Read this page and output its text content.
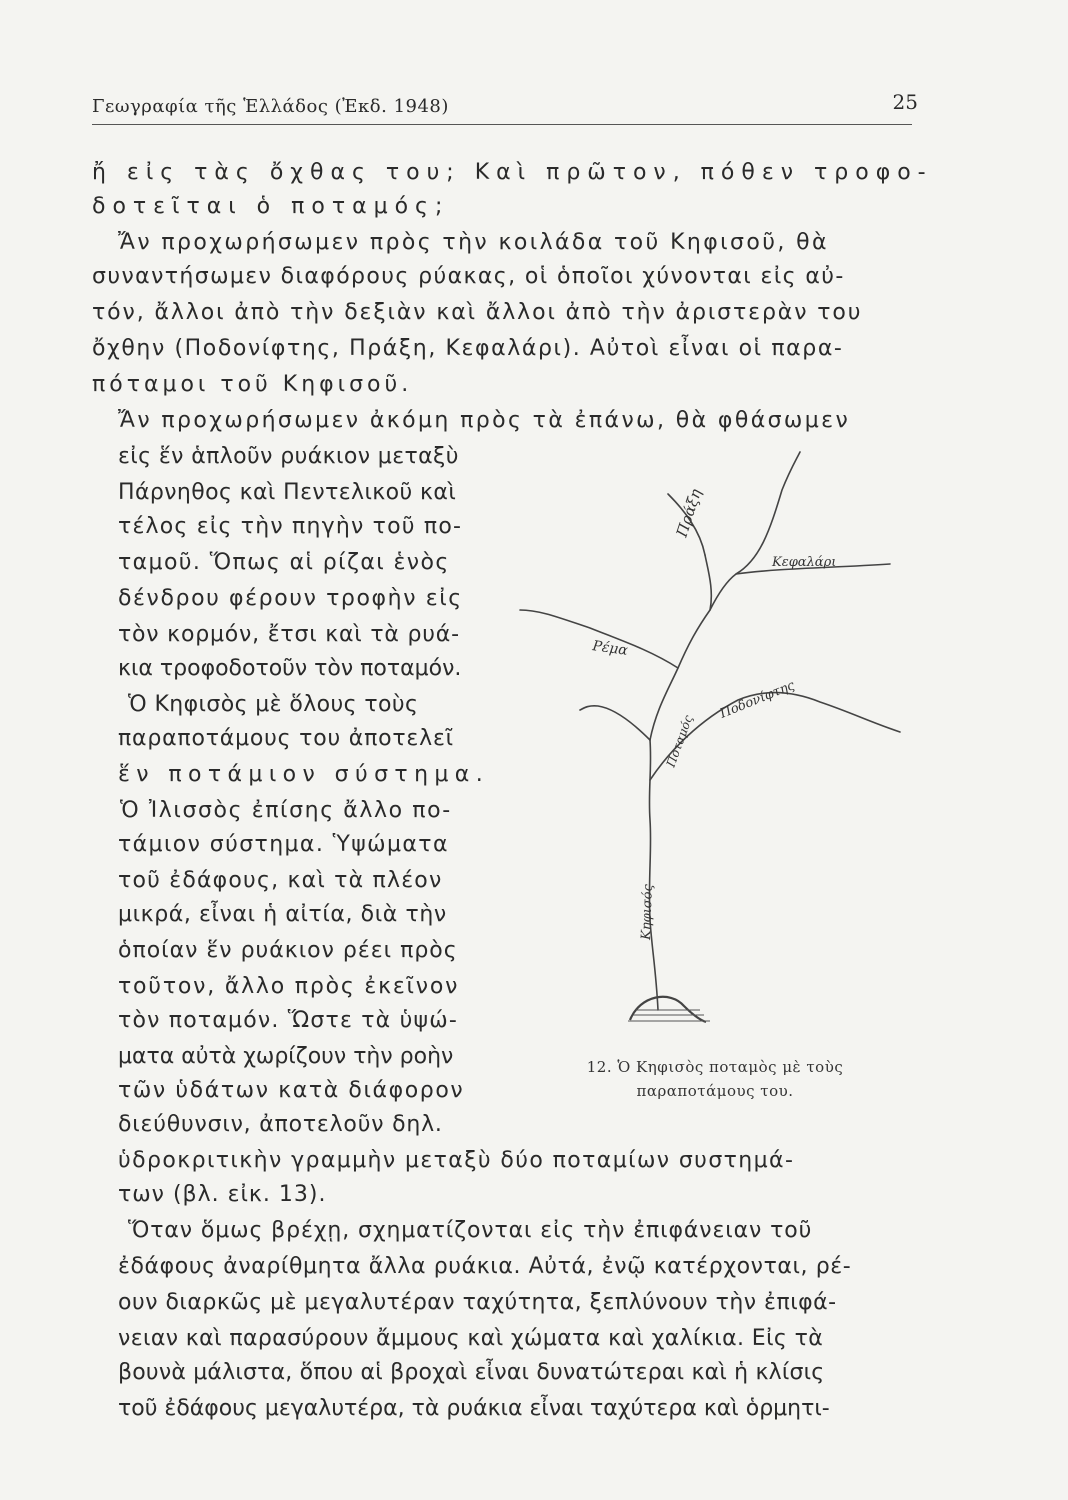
Γεωγραφία τῆς Ἑλλάδος (Ἐκδ. 1948)	25
ἤ εἰς τὰς ὄχθας του; Καὶ πρῶτον, πόθεν τροφο-
δοτεῖται ὁ ποταμός;
Ἄν προχωρήσωμεν πρὸς τὴν κοιλάδα τοῦ Κηφισοῦ, θὰ
συναντήσωμεν διαφόρους ρύακας, οἱ ὁποῖοι χύνονται εἰς αὐ-
τόν, ἄλλοι ἀπὸ τὴν δεξιὰν καὶ ἄλλοι ἀπὸ τὴν ἀριστερὰν του
ὄχθην (Ποδονίφτης, Πράξη, Κεφαλάρι). Αὐτοὶ εἶναι οἱ παρα-
πόταμοι τοῦ Κηφισοῦ.
Ἄν προχωρήσωμεν ἀκόμη πρὸς τὰ ἐπάνω, θὰ φθάσωμεν
εἰς ἕν ἁπλοῦν ρυάκιον μεταξὺ
Πάρνηθος καὶ Πεντελικοῦ καὶ
τέλος εἰς τὴν πηγὴν τοῦ πο-
ταμοῦ. Ὅπως αἱ ρίζαι ἑνὸς
δένδρου φέρουν τροφὴν εἰς
τὸν κορμόν, ἔτσι καὶ τὰ ρυά-
κια τροφοδοτοῦν τὸν ποταμόν.
Ὁ Κηφισὸς μὲ ὅλους τοὺς
παραποτάμους του ἀποτελεῖ
ἕν ποτάμιον σύστημα.
Ὁ Ἰλισσὸς ἐπίσης ἄλλο πο-
τάμιον σύστημα. Ὑψώματα
τοῦ ἐδάφους, καὶ τὰ πλέον
μικρά, εἶναι ἡ αἰτία, διὰ τὴν
ὁποίαν ἕν ρυάκιον ρέει πρὸς
τοῦτον, ἄλλο πρὸς ἐκεῖνον
τὸν ποταμόν. Ὥστε τὰ ὑψώ-
ματα αὐτὰ χωρίζουν τὴν ροὴν
τῶν ὑδάτων κατὰ διάφορον
διεύθυνσιν, ἀποτελοῦν δηλ.
ὑδροκριτικὴν γραμμὴν μεταξὺ δύο ποταμίων συστημά-
των (βλ. εἰκ. 13).
Ὅταν ὅμως βρέχῃ, σχηματίζονται εἰς τὴν ἐπιφάνειαν τοῦ
ἐδάφους ἀναρίθμητα ἄλλα ρυάκια. Αὐτά, ἐνῷ κατέρχονται, ρέ-
ουν διαρκῶς μὲ μεγαλυτέραν ταχύτητα, ξεπλύνουν τὴν ἐπιφά-
νειαν καὶ παρασύρουν ἄμμους καὶ χώματα καὶ χαλίκια. Εἰς τὰ
βουνὰ μάλιστα, ὅπου αἱ βροχαὶ εἶναι δυνατώτεραι καὶ ἡ κλίσις
τοῦ ἐδάφους μεγαλυτέρα, τὰ ρυάκια εἶναι ταχύτερα καὶ ὁρμητι-
Πράξη
Κεφαλάρι
Ρέμα
Ποδονίφτης
Ποταμός
Κηφισός
12. Ὁ Κηφισὸς ποταμὸς μὲ τοὺς
παραποτάμους του.
